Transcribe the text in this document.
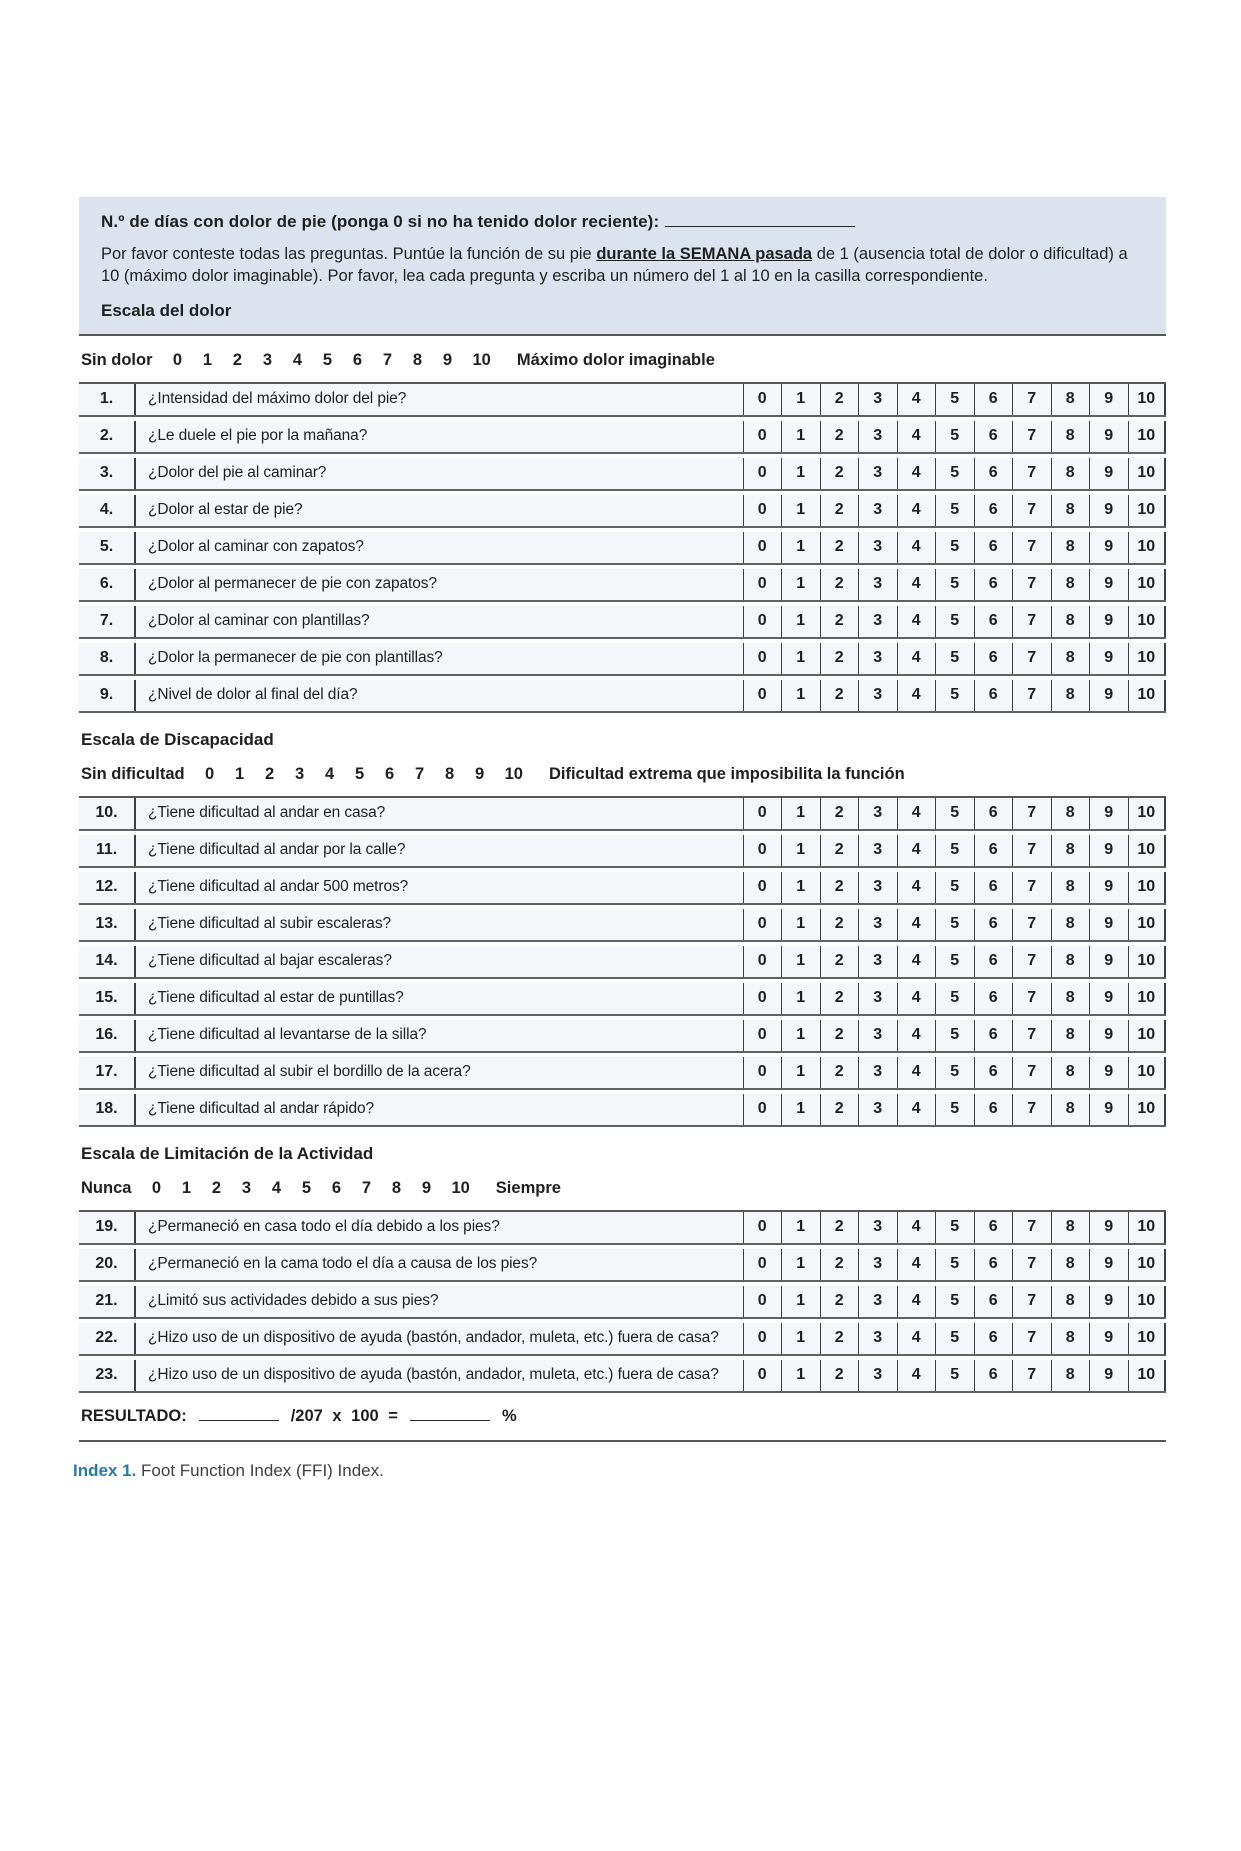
N.º de días con dolor de pie (ponga 0 si no ha tenido dolor reciente):
Por favor conteste todas las preguntas. Puntúe la función de su pie durante la SEMANA pasada de 1 (ausencia total de dolor o dificultad) a 10 (máximo dolor imaginable). Por favor, lea cada pregunta y escriba un número del 1 al 10 en la casilla correspondiente.
Escala del dolor
Sin dolor 0 1 2 3 4 5 6 7 8 9 10 Máximo dolor imaginable
1.	¿Intensidad del máximo dolor del pie?	0	1	2	3	4	5	6	7	8	9	10
2.	¿Le duele el pie por la mañana?	0	1	2	3	4	5	6	7	8	9	10
3.	¿Dolor del pie al caminar?	0	1	2	3	4	5	6	7	8	9	10
4.	¿Dolor al estar de pie?	0	1	2	3	4	5	6	7	8	9	10
5.	¿Dolor al caminar con zapatos?	0	1	2	3	4	5	6	7	8	9	10
6.	¿Dolor al permanecer de pie con zapatos?	0	1	2	3	4	5	6	7	8	9	10
7.	¿Dolor al caminar con plantillas?	0	1	2	3	4	5	6	7	8	9	10
8.	¿Dolor la permanecer de pie con plantillas?	0	1	2	3	4	5	6	7	8	9	10
9.	¿Nivel de dolor al final del día?	0	1	2	3	4	5	6	7	8	9	10
Escala de Discapacidad
Sin dificultad 0 1 2 3 4 5 6 7 8 9 10 Dificultad extrema que imposibilita la función
10.	¿Tiene dificultad al andar en casa?	0	1	2	3	4	5	6	7	8	9	10
11.	¿Tiene dificultad al andar por la calle?	0	1	2	3	4	5	6	7	8	9	10
12.	¿Tiene dificultad al andar 500 metros?	0	1	2	3	4	5	6	7	8	9	10
13.	¿Tiene dificultad al subir escaleras?	0	1	2	3	4	5	6	7	8	9	10
14.	¿Tiene dificultad al bajar escaleras?	0	1	2	3	4	5	6	7	8	9	10
15.	¿Tiene dificultad al estar de puntillas?	0	1	2	3	4	5	6	7	8	9	10
16.	¿Tiene dificultad al levantarse de la silla?	0	1	2	3	4	5	6	7	8	9	10
17.	¿Tiene dificultad al subir el bordillo de la acera?	0	1	2	3	4	5	6	7	8	9	10
18.	¿Tiene dificultad al andar rápido?	0	1	2	3	4	5	6	7	8	9	10
Escala de Limitación de la Actividad
Nunca 0 1 2 3 4 5 6 7 8 9 10 Siempre
19.	¿Permaneció en casa todo el día debido a los pies?	0	1	2	3	4	5	6	7	8	9	10
20.	¿Permaneció en la cama todo el día a causa de los pies?	0	1	2	3	4	5	6	7	8	9	10
21.	¿Limitó sus actividades debido a sus pies?	0	1	2	3	4	5	6	7	8	9	10
22.	¿Hizo uso de un dispositivo de ayuda (bastón, andador, muleta, etc.) fuera de casa?	0	1	2	3	4	5	6	7	8	9	10
23.	¿Hizo uso de un dispositivo de ayuda (bastón, andador, muleta, etc.) fuera de casa?	0	1	2	3	4	5	6	7	8	9	10
RESULTADO:	/207 x 100 =	%
Index 1. Foot Function Index (FFI) Index.
